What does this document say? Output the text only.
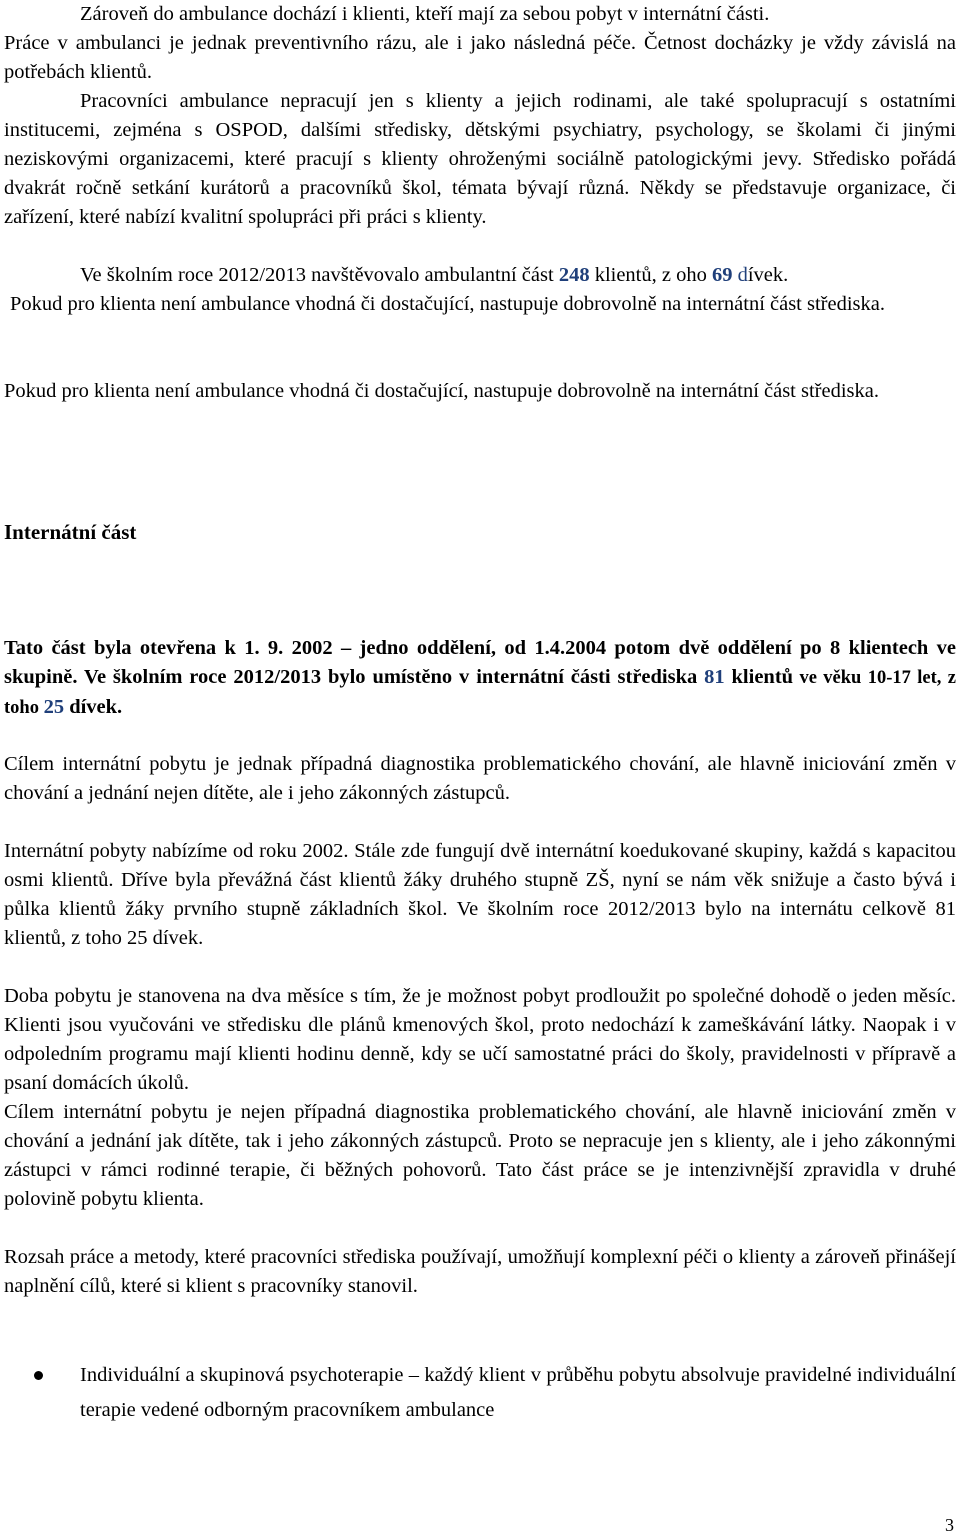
Zároveň do ambulance dochází i klienti, kteří mají za sebou pobyt v internátní části.

Práce v ambulanci je jednak preventivního rázu, ale i jako následná péče. Četnost docházky je vždy závislá na potřebách klientů.

Pracovníci ambulance nepracují jen s klienty a jejich rodinami, ale také spolupracují s ostatními institucemi, zejména s OSPOD, dalšími středisky, dětskými psychiatry, psychology, se školami či jinými neziskovými organizacemi, které pracují s klienty ohroženými sociálně patologickými jevy. Středisko pořádá dvakrát ročně setkání kurátorů a pracovníků škol, témata bývají různá. Někdy se představuje organizace, či zařízení, které nabízí kvalitní spolupráci při práci s klienty.

Ve školním roce 2012/2013 navštěvovalo ambulantní část 248 klientů, z oho 69 dívek.

Pokud pro klienta není ambulance vhodná či dostačující, nastupuje dobrovolně na internátní část střediska.

Pokud pro klienta není ambulance vhodná či dostačující, nastupuje dobrovolně na internátní část střediska.

Internátní část

Tato část byla otevřena k 1. 9. 2002 – jedno oddělení, od 1.4.2004 potom dvě oddělení po 8 klientech ve skupině. Ve školním roce 2012/2013 bylo umístěno v internátní části střediska 81 klientů ve věku 10-17 let, z toho 25 dívek.

Cílem internátní pobytu je jednak případná diagnostika problematického chování, ale hlavně iniciování změn v chování a jednání nejen dítěte, ale i jeho zákonných zástupců.

Internátní pobyty nabízíme od roku 2002. Stále zde fungují dvě internátní koedukované skupiny, každá s kapacitou osmi klientů. Dříve byla převážná část klientů žáky druhého stupně ZŠ, nyní se nám věk snižuje a často bývá i půlka klientů žáky prvního stupně základních škol. Ve školním roce 2012/2013 bylo na internátu celkově 81 klientů, z toho 25 dívek.

Doba pobytu je stanovena na dva měsíce s tím, že je možnost pobyt prodloužit po společné dohodě o jeden měsíc. Klienti jsou vyučováni ve středisku dle plánů kmenových škol, proto nedochází k zameškávání látky. Naopak i v odpoledním programu mají klienti hodinu denně, kdy se učí samostatné práci do školy, pravidelnosti v přípravě a psaní domácích úkolů.

Cílem internátní pobytu je nejen případná diagnostika problematického chování, ale hlavně iniciování změn v chování a jednání jak dítěte, tak i jeho zákonných zástupců. Proto se nepracuje jen s klienty, ale i jeho zákonnými zástupci v rámci rodinné terapie, či běžných pohovorů. Tato část práce se je intenzivnější zpravidla v druhé polovině pobytu klienta.

Rozsah práce a metody, které pracovníci střediska používají, umožňují komplexní péči o klienty a zároveň přinášejí naplnění cílů, které si klient s pracovníky stanovil.

Individuální a skupinová psychoterapie – každý klient v průběhu pobytu absolvuje pravidelné individuální terapie vedené odborným pracovníkem ambulance

3
